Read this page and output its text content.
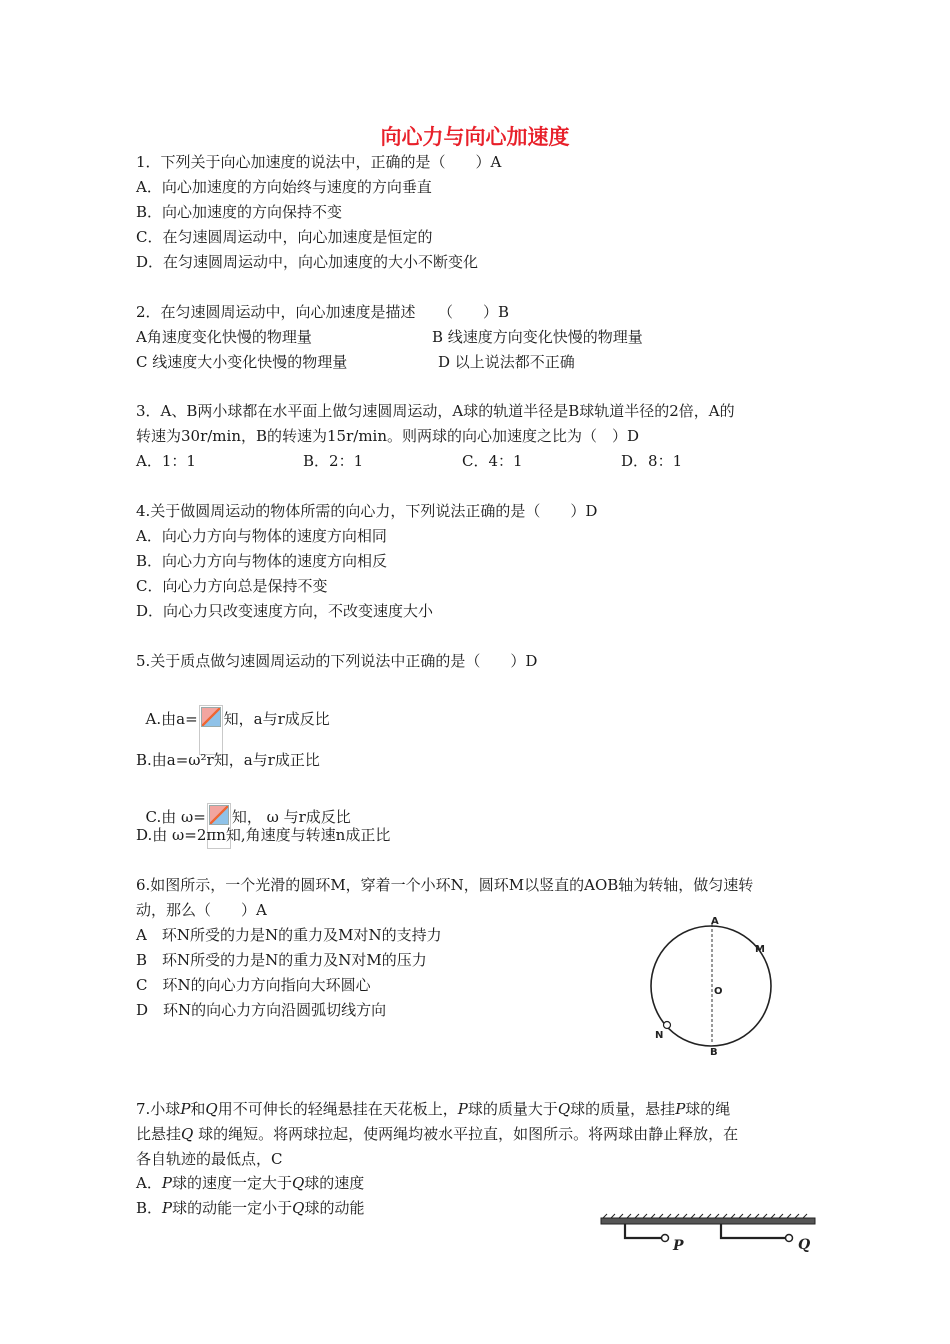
向心力与向心加速度
1．下列关于向心加速度的说法中，正确的是（　　）A
A．向心加速度的方向始终与速度的方向垂直
B．向心加速度的方向保持不变
C．在匀速圆周运动中，向心加速度是恒定的
D．在匀速圆周运动中，向心加速度的大小不断变化
2．在匀速圆周运动中，向心加速度是描述　　（　　）B
A角速度变化快慢的物理量	B 线速度方向变化快慢的物理量
C 线速度大小变化快慢的物理量	D 以上说法都不正确
3．A、B两小球都在水平面上做匀速圆周运动，A球的轨道半径是B球轨道半径的2倍，A的
转速为30r/min，B的转速为15r/min。则两球的向心加速度之比为（　）D
A．1：1	B．2：1	C．4：1	D．8：1
4.关于做圆周运动的物体所需的向心力，下列说法正确的是（　　）D
A．向心力方向与物体的速度方向相同
B．向心力方向与物体的速度方向相反
C．向心力方向总是保持不变
D．向心力只改变速度方向，不改变速度大小
5.关于质点做匀速圆周运动的下列说法中正确的是（　　）D

A.由a= 知，a与r成反比

B.由a=ω²r知，a与r成正比

C.由 ω= 知， ω 与r成反比

D.由 ω=2πn知,角速度与转速n成正比
6.如图所示，一个光滑的圆环M，穿着一个小环N，圆环M以竖直的AOB轴为转轴，做匀速转
动，那么（　　）A
A　环N所受的力是N的重力及M对N的支持力
B　环N所受的力是N的重力及N对M的压力
C　环N的向心力方向指向大环圆心
D　环N的向心力方向沿圆弧切线方向
A
M
O
N
B
7.小球P和Q用不可伸长的轻绳悬挂在天花板上，P球的质量大于Q球的质量，悬挂P球的绳
比悬挂Q 球的绳短。将两球拉起，使两绳均被水平拉直，如图所示。将两球由静止释放，在
各自轨迹的最低点，C
A．P球的速度一定大于Q球的速度
B．P球的动能一定小于Q球的动能
P	Q
